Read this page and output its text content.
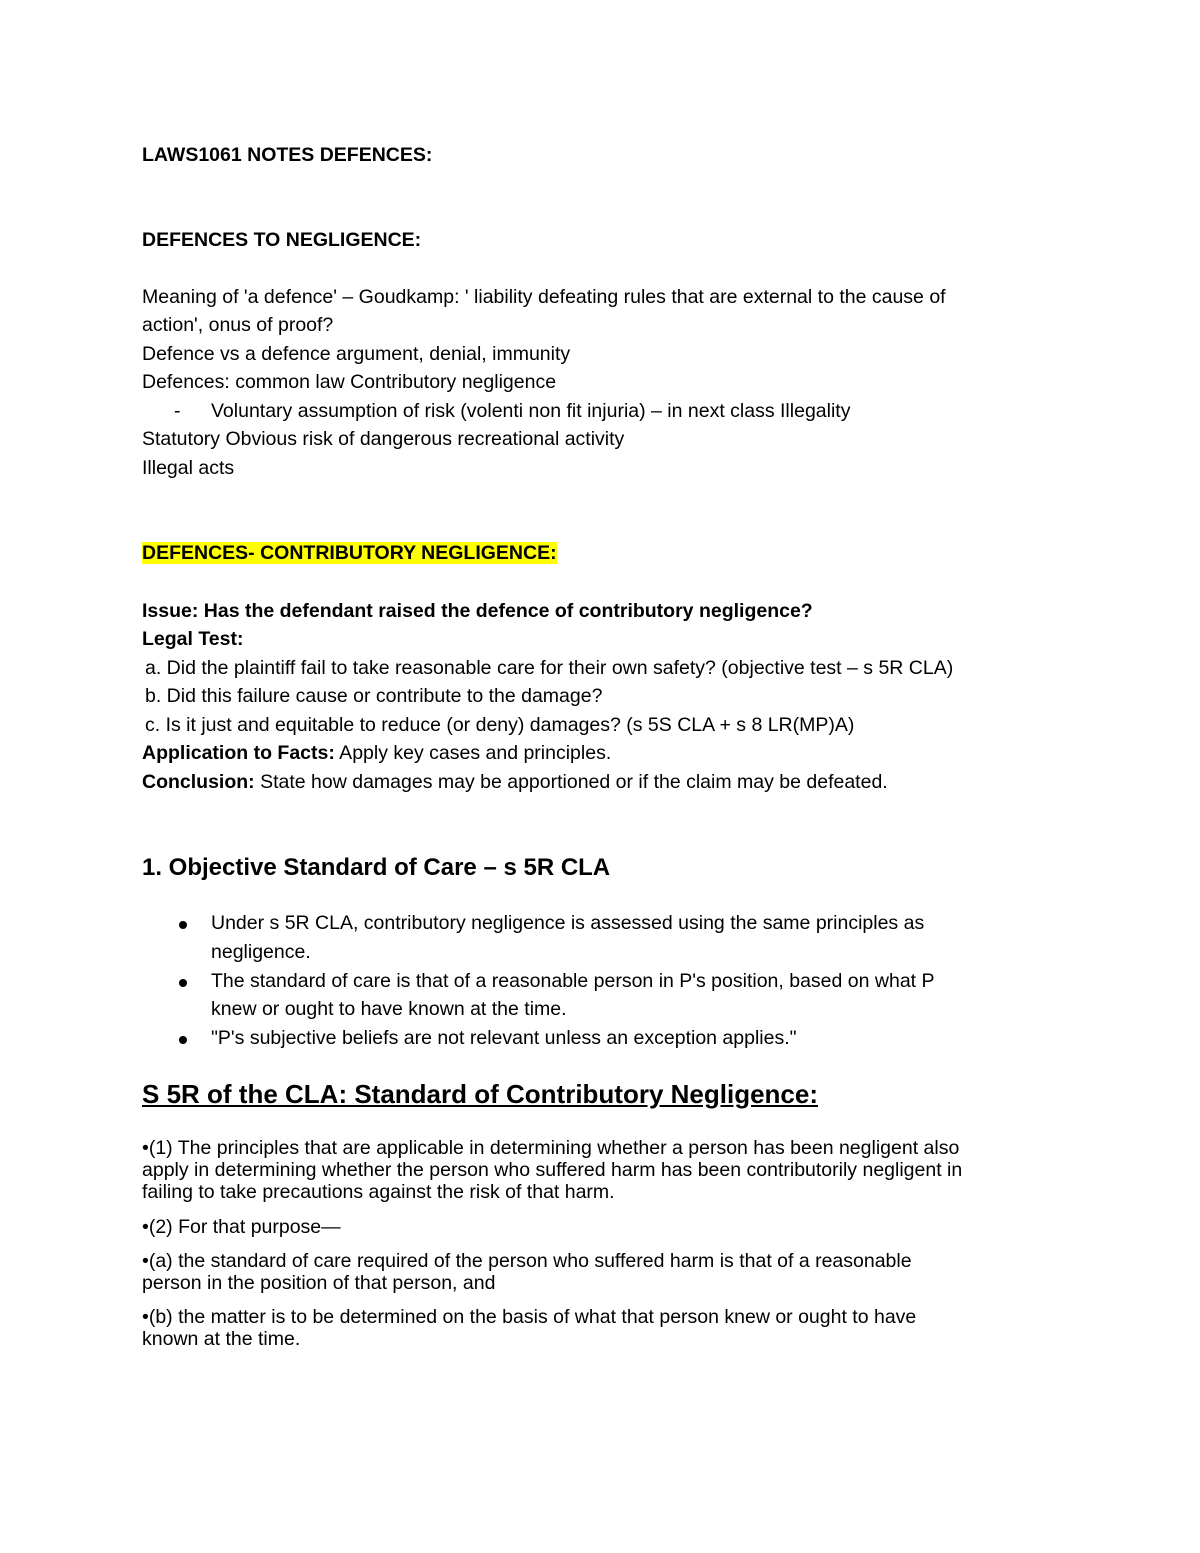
LAWS1061 NOTES DEFENCES:
DEFENCES TO NEGLIGENCE:
Meaning of 'a defence' – Goudkamp: ' liability defeating rules that are external to the cause of
action', onus of proof?
Defence vs a defence argument, denial, immunity
Defences: common law Contributory negligence
- Voluntary assumption of risk (volenti non fit injuria) – in next class Illegality
Statutory Obvious risk of dangerous recreational activity
Illegal acts
DEFENCES- CONTRIBUTORY NEGLIGENCE:
Issue: Has the defendant raised the defence of contributory negligence?
Legal Test:
a. Did the plaintiff fail to take reasonable care for their own safety? (objective test – s 5R CLA)
b. Did this failure cause or contribute to the damage?
c. Is it just and equitable to reduce (or deny) damages? (s 5S CLA + s 8 LR(MP)A)
Application to Facts: Apply key cases and principles.
Conclusion: State how damages may be apportioned or if the claim may be defeated.
1. Objective Standard of Care – s 5R CLA
Under s 5R CLA, contributory negligence is assessed using the same principles as
negligence.
The standard of care is that of a reasonable person in P's position, based on what P
knew or ought to have known at the time.
"P's subjective beliefs are not relevant unless an exception applies."
S 5R of the CLA: Standard of Contributory Negligence:
•(1) The principles that are applicable in determining whether a person has been negligent also
apply in determining whether the person who suffered harm has been contributorily negligent in
failing to take precautions against the risk of that harm.
•(2) For that purpose—
•(a) the standard of care required of the person who suffered harm is that of a reasonable
person in the position of that person, and
•(b) the matter is to be determined on the basis of what that person knew or ought to have
known at the time.
